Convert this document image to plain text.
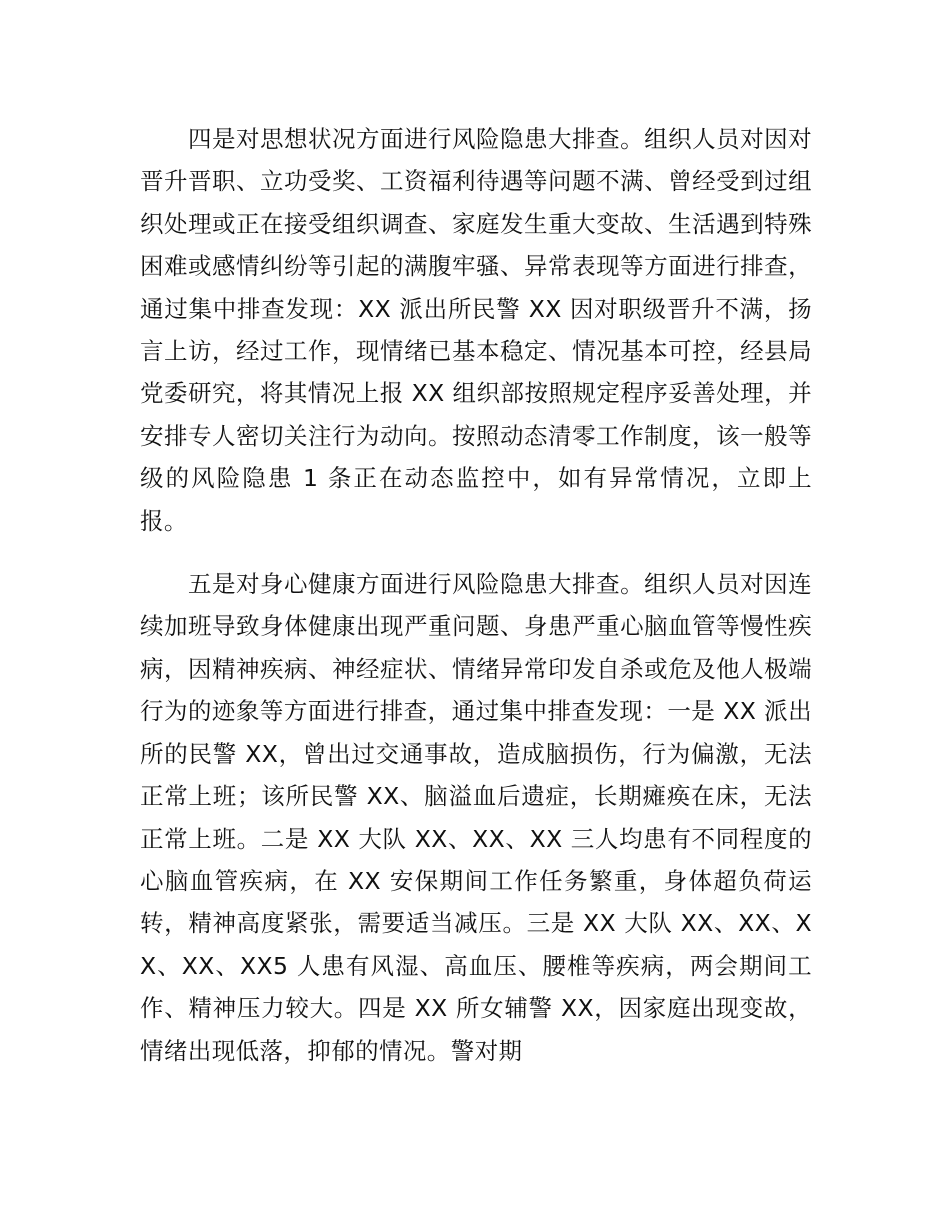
四是对思想状况方面进行风险隐患大排查。组织人员对因对晋升晋职、立功受奖、工资福利待遇等问题不满、曾经受到过组织处理或正在接受组织调查、家庭发生重大变故、生活遇到特殊困难或感情纠纷等引起的满腹牢骚、异常表现等方面进行排查，通过集中排查发现：XX 派出所民警 XX 因对职级晋升不满，扬言上访，经过工作，现情绪已基本稳定、情况基本可控，经县局党委研究，将其情况上报 XX 组织部按照规定程序妥善处理，并安排专人密切关注行为动向。按照动态清零工作制度，该一般等级的风险隐患 1 条正在动态监控中，如有异常情况，立即上报。

五是对身心健康方面进行风险隐患大排查。组织人员对因连续加班导致身体健康出现严重问题、身患严重心脑血管等慢性疾病，因精神疾病、神经症状、情绪异常印发自杀或危及他人极端行为的迹象等方面进行排查，通过集中排查发现：一是 XX 派出所的民警 XX，曾出过交通事故，造成脑损伤，行为偏激，无法正常上班；该所民警 XX、脑溢血后遗症，长期瘫痪在床，无法正常上班。二是 XX 大队 XX、XX、XX 三人均患有不同程度的心脑血管疾病，在 XX 安保期间工作任务繁重，身体超负荷运转，精神高度紧张，需要适当减压。三是 XX 大队 XX、XX、XX、XX、XX5 人患有风湿、高血压、腰椎等疾病，两会期间工作、精神压力较大。四是 XX 所女辅警 XX，因家庭出现变故，情绪出现低落，抑郁的情况。警对期
